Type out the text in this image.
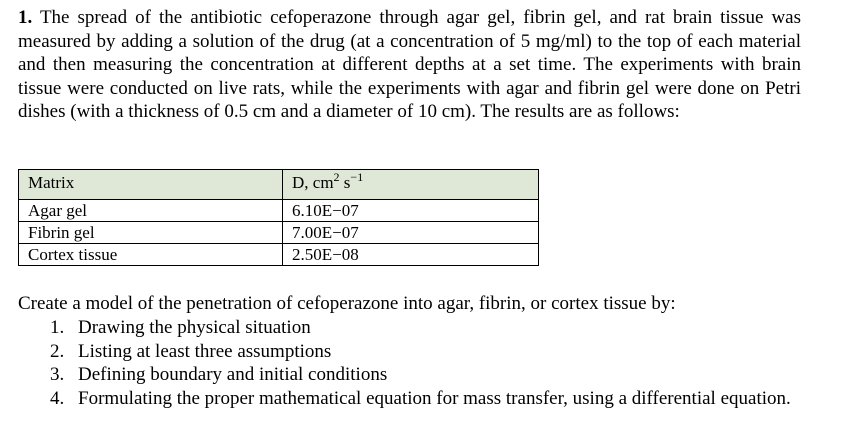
1. The spread of the antibiotic cefoperazone through agar gel, fibrin gel, and rat brain tissue was measured by adding a solution of the drug (at a concentration of 5 mg/ml) to the top of each material and then measuring the concentration at different depths at a set time. The experiments with brain tissue were conducted on live rats, while the experiments with agar and fibrin gel were done on Petri dishes (with a thickness of 0.5 cm and a diameter of 10 cm). The results are as follows:

Matrix	D, $cm^2$ $s^{-1}$
Agar gel	6.10E−07
Fibrin gel	7.00E−07
Cortex tissue	2.50E−08

Create a model of the penetration of cefoperazone into agar, fibrin, or cortex tissue by:

1. Drawing the physical situation
2. Listing at least three assumptions
3. Defining boundary and initial conditions
4. Formulating the proper mathematical equation for mass transfer, using a differential equation.
